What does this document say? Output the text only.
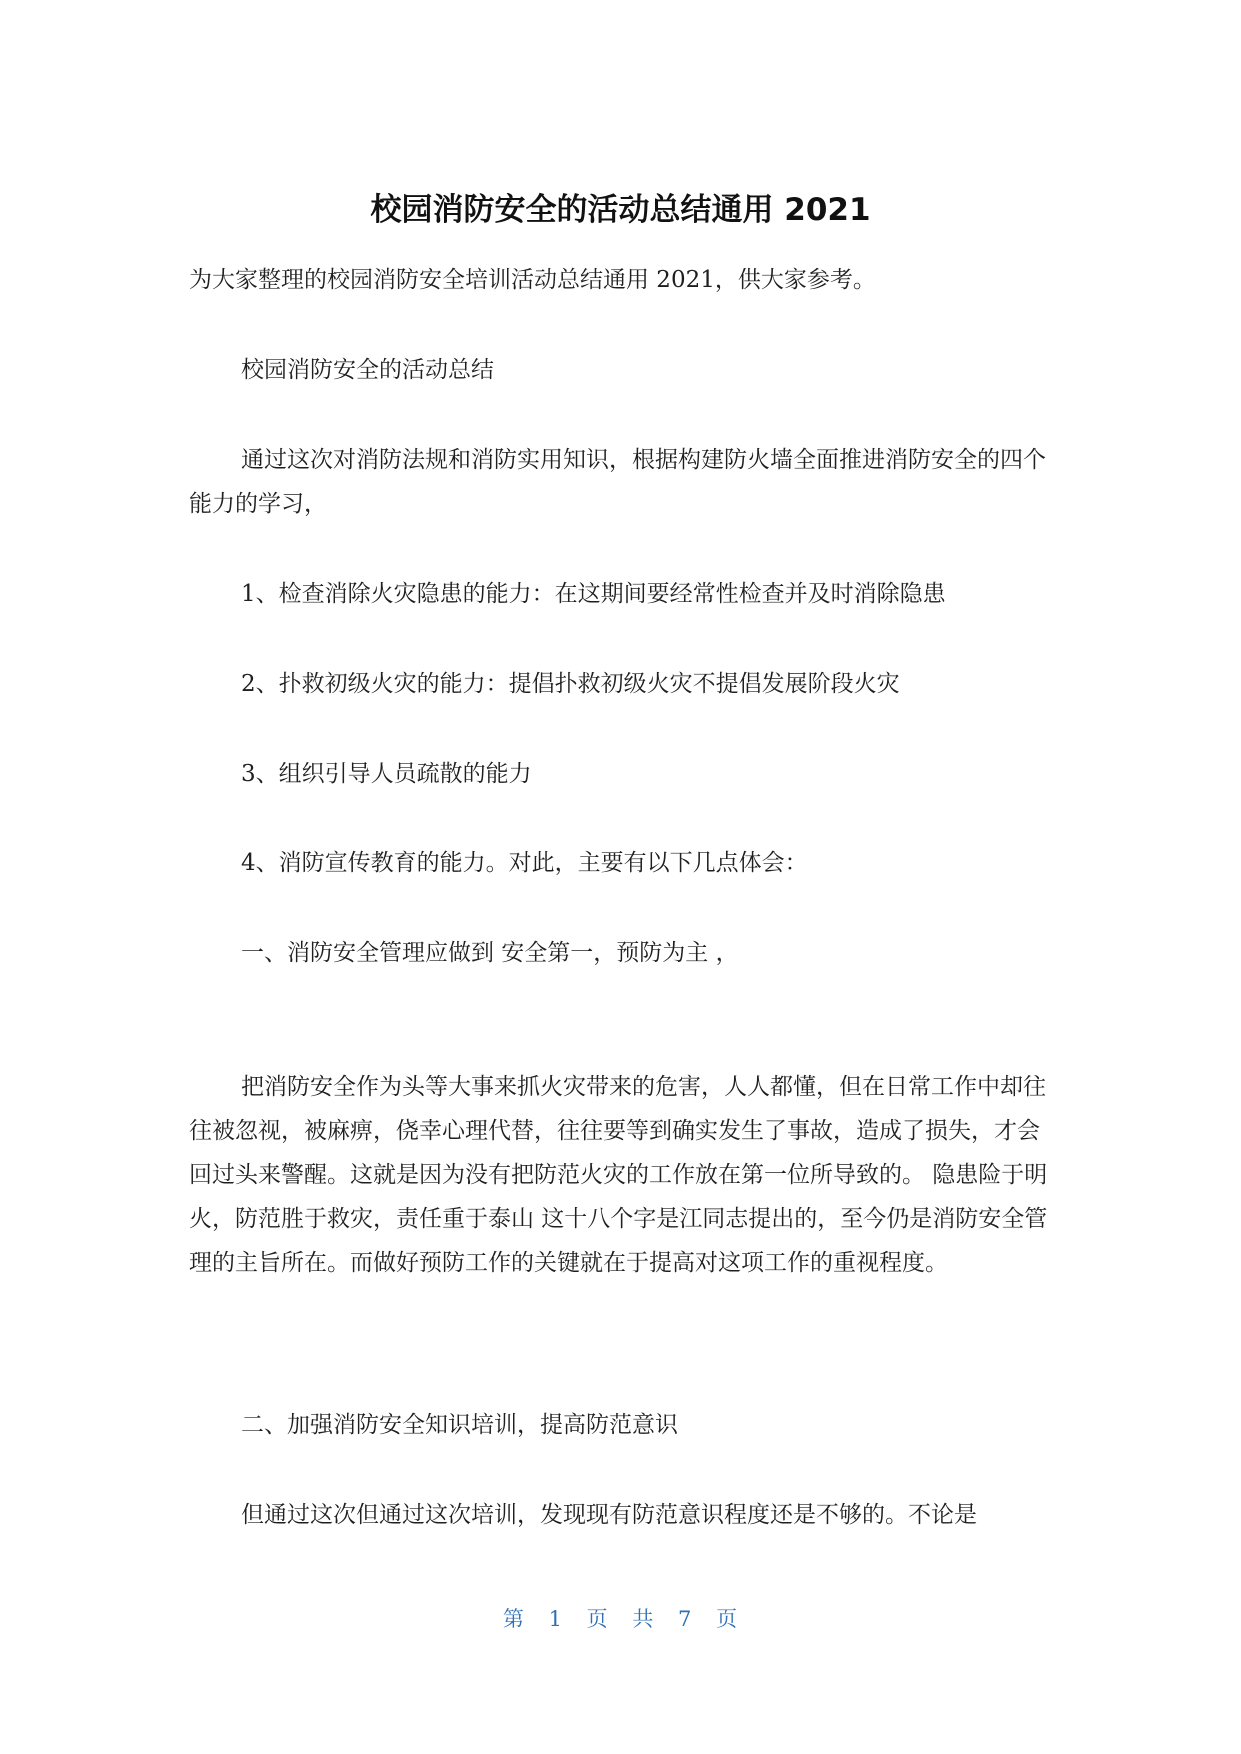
校园消防安全的活动总结通用 2021

为大家整理的校园消防安全培训活动总结通用 2021，供大家参考。

校园消防安全的活动总结

通过这次对消防法规和消防实用知识，根据构建防火墙全面推进消防安全的四个能力的学习，

1、检查消除火灾隐患的能力：在这期间要经常性检查并及时消除隐患

2、扑救初级火灾的能力：提倡扑救初级火灾不提倡发展阶段火灾

3、组织引导人员疏散的能力

4、消防宣传教育的能力。对此，主要有以下几点体会：

一、消防安全管理应做到 安全第一，预防为主 ，

把消防安全作为头等大事来抓火灾带来的危害，人人都懂，但在日常工作中却往往被忽视，被麻痹，侥幸心理代替，往往要等到确实发生了事故，造成了损失，才会回过头来警醒。这就是因为没有把防范火灾的工作放在第一位所导致的。 隐患险于明火，防范胜于救灾，责任重于泰山 这十八个字是江同志提出的，至今仍是消防安全管理的主旨所在。而做好预防工作的关键就在于提高对这项工作的重视程度。

二、加强消防安全知识培训，提高防范意识

但通过这次但通过这次培训，发现现有防范意识程度还是不够的。不论是

第 1 页 共 7 页
